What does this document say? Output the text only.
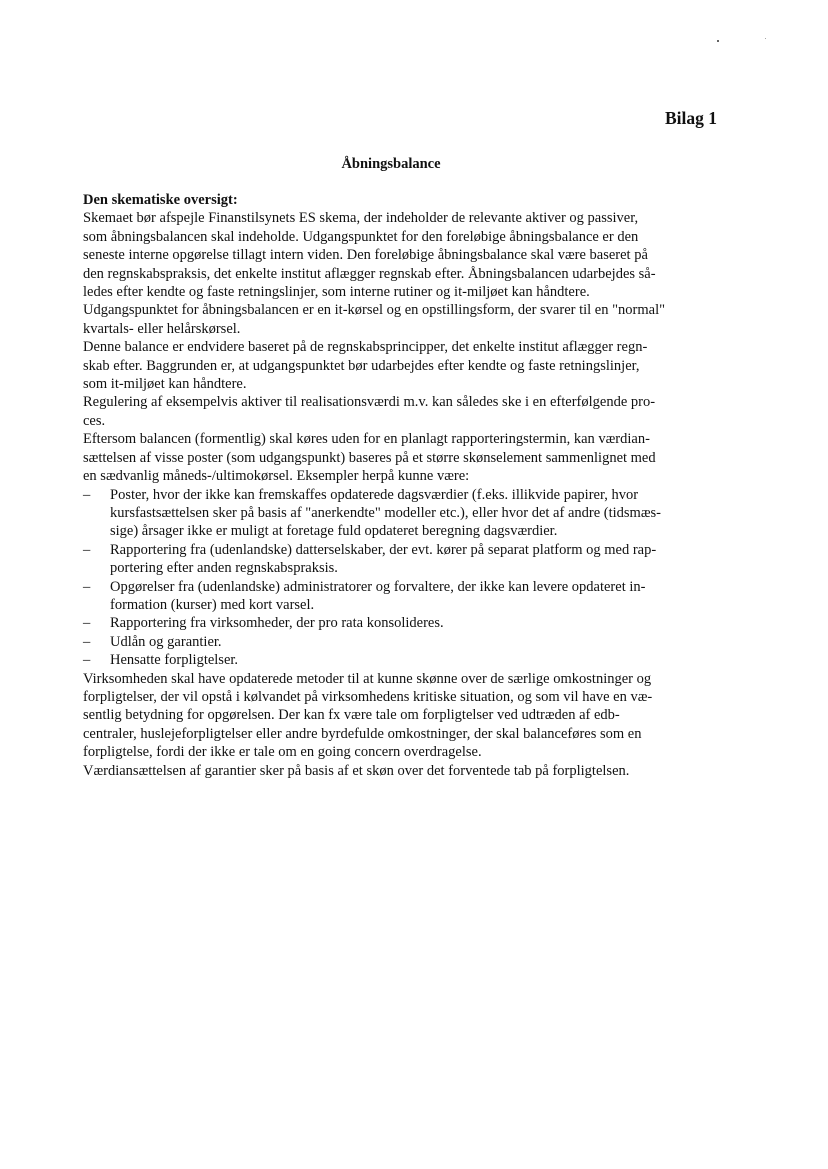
Bilag 1
Åbningsbalance
Den skematiske oversigt:
Skemaet bør afspejle Finanstilsynets ES skema, der indeholder de relevante aktiver og passiver,
som åbningsbalancen skal indeholde. Udgangspunktet for den foreløbige åbningsbalance er den
seneste interne opgørelse tillagt intern viden. Den foreløbige åbningsbalance skal være baseret på
den regnskabspraksis, det enkelte institut aflægger regnskab efter. Åbningsbalancen udarbejdes så-
ledes efter kendte og faste retningslinjer, som interne rutiner og it-miljøet kan håndtere.
Udgangspunktet for åbningsbalancen er en it-kørsel og en opstillingsform, der svarer til en "normal"
kvartals- eller helårskørsel.
Denne balance er endvidere baseret på de regnskabsprincipper, det enkelte institut aflægger regn-
skab efter. Baggrunden er, at udgangspunktet bør udarbejdes efter kendte og faste retningslinjer,
som it-miljøet kan håndtere.
Regulering af eksempelvis aktiver til realisationsværdi m.v. kan således ske i en efterfølgende pro-
ces.
Eftersom balancen (formentlig) skal køres uden for en planlagt rapporteringstermin, kan værdian-
sættelsen af visse poster (som udgangspunkt) baseres på et større skønselement sammenlignet med
en sædvanlig måneds-/ultimokørsel. Eksempler herpå kunne være:
– Poster, hvor der ikke kan fremskaffes opdaterede dagsværdier (f.eks. illikvide papirer, hvor
kursfastsættelsen sker på basis af "anerkendte" modeller etc.), eller hvor det af andre (tidsmæs-
sige) årsager ikke er muligt at foretage fuld opdateret beregning dagsværdier.
– Rapportering fra (udenlandske) datterselskaber, der evt. kører på separat platform og med rap-
portering efter anden regnskabspraksis.
– Opgørelser fra (udenlandske) administratorer og forvaltere, der ikke kan levere opdateret in-
formation (kurser) med kort varsel.
– Rapportering fra virksomheder, der pro rata konsolideres.
– Udlån og garantier.
– Hensatte forpligtelser.
Virksomheden skal have opdaterede metoder til at kunne skønne over de særlige omkostninger og
forpligtelser, der vil opstå i kølvandet på virksomhedens kritiske situation, og som vil have en væ-
sentlig betydning for opgørelsen. Der kan fx være tale om forpligtelser ved udtræden af edb-
centraler, huslejeforpligtelser eller andre byrdefulde omkostninger, der skal balanceføres som en
forpligtelse, fordi der ikke er tale om en going concern overdragelse.
Værdiansættelsen af garantier sker på basis af et skøn over det forventede tab på forpligtelsen.
